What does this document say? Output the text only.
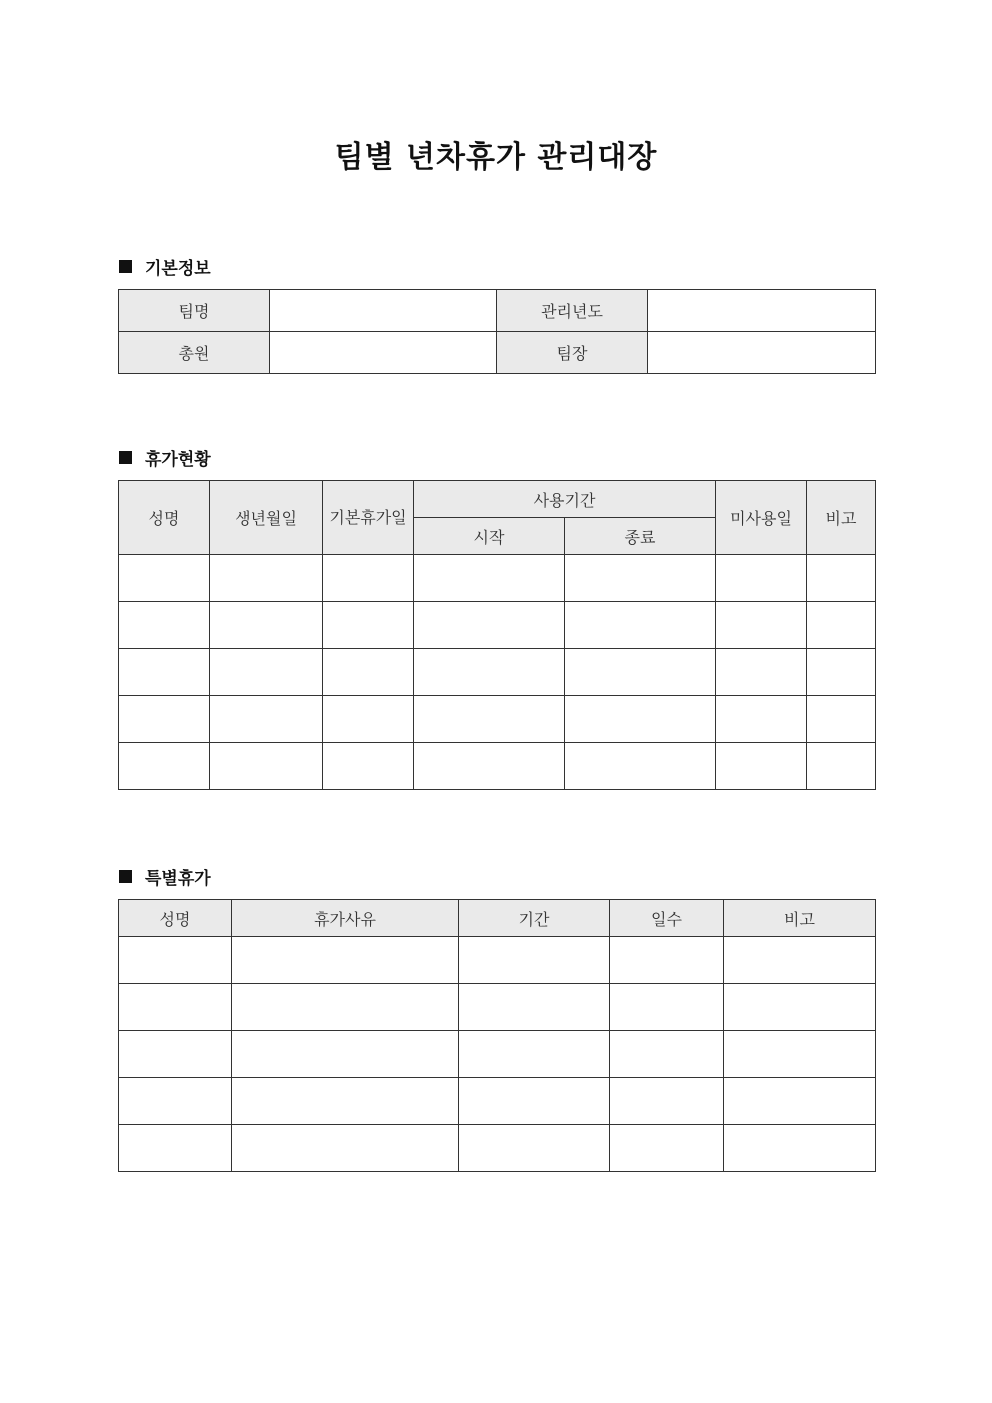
팀별 년차휴가 관리대장
기본정보
팀명		관리년도	
총원		팀장	
휴가현황
성명	생년월일	기본휴가일	사용기간		미사용일	비고
			시작	종료		

특별휴가
성명	휴가사유	기간	일수	비고
